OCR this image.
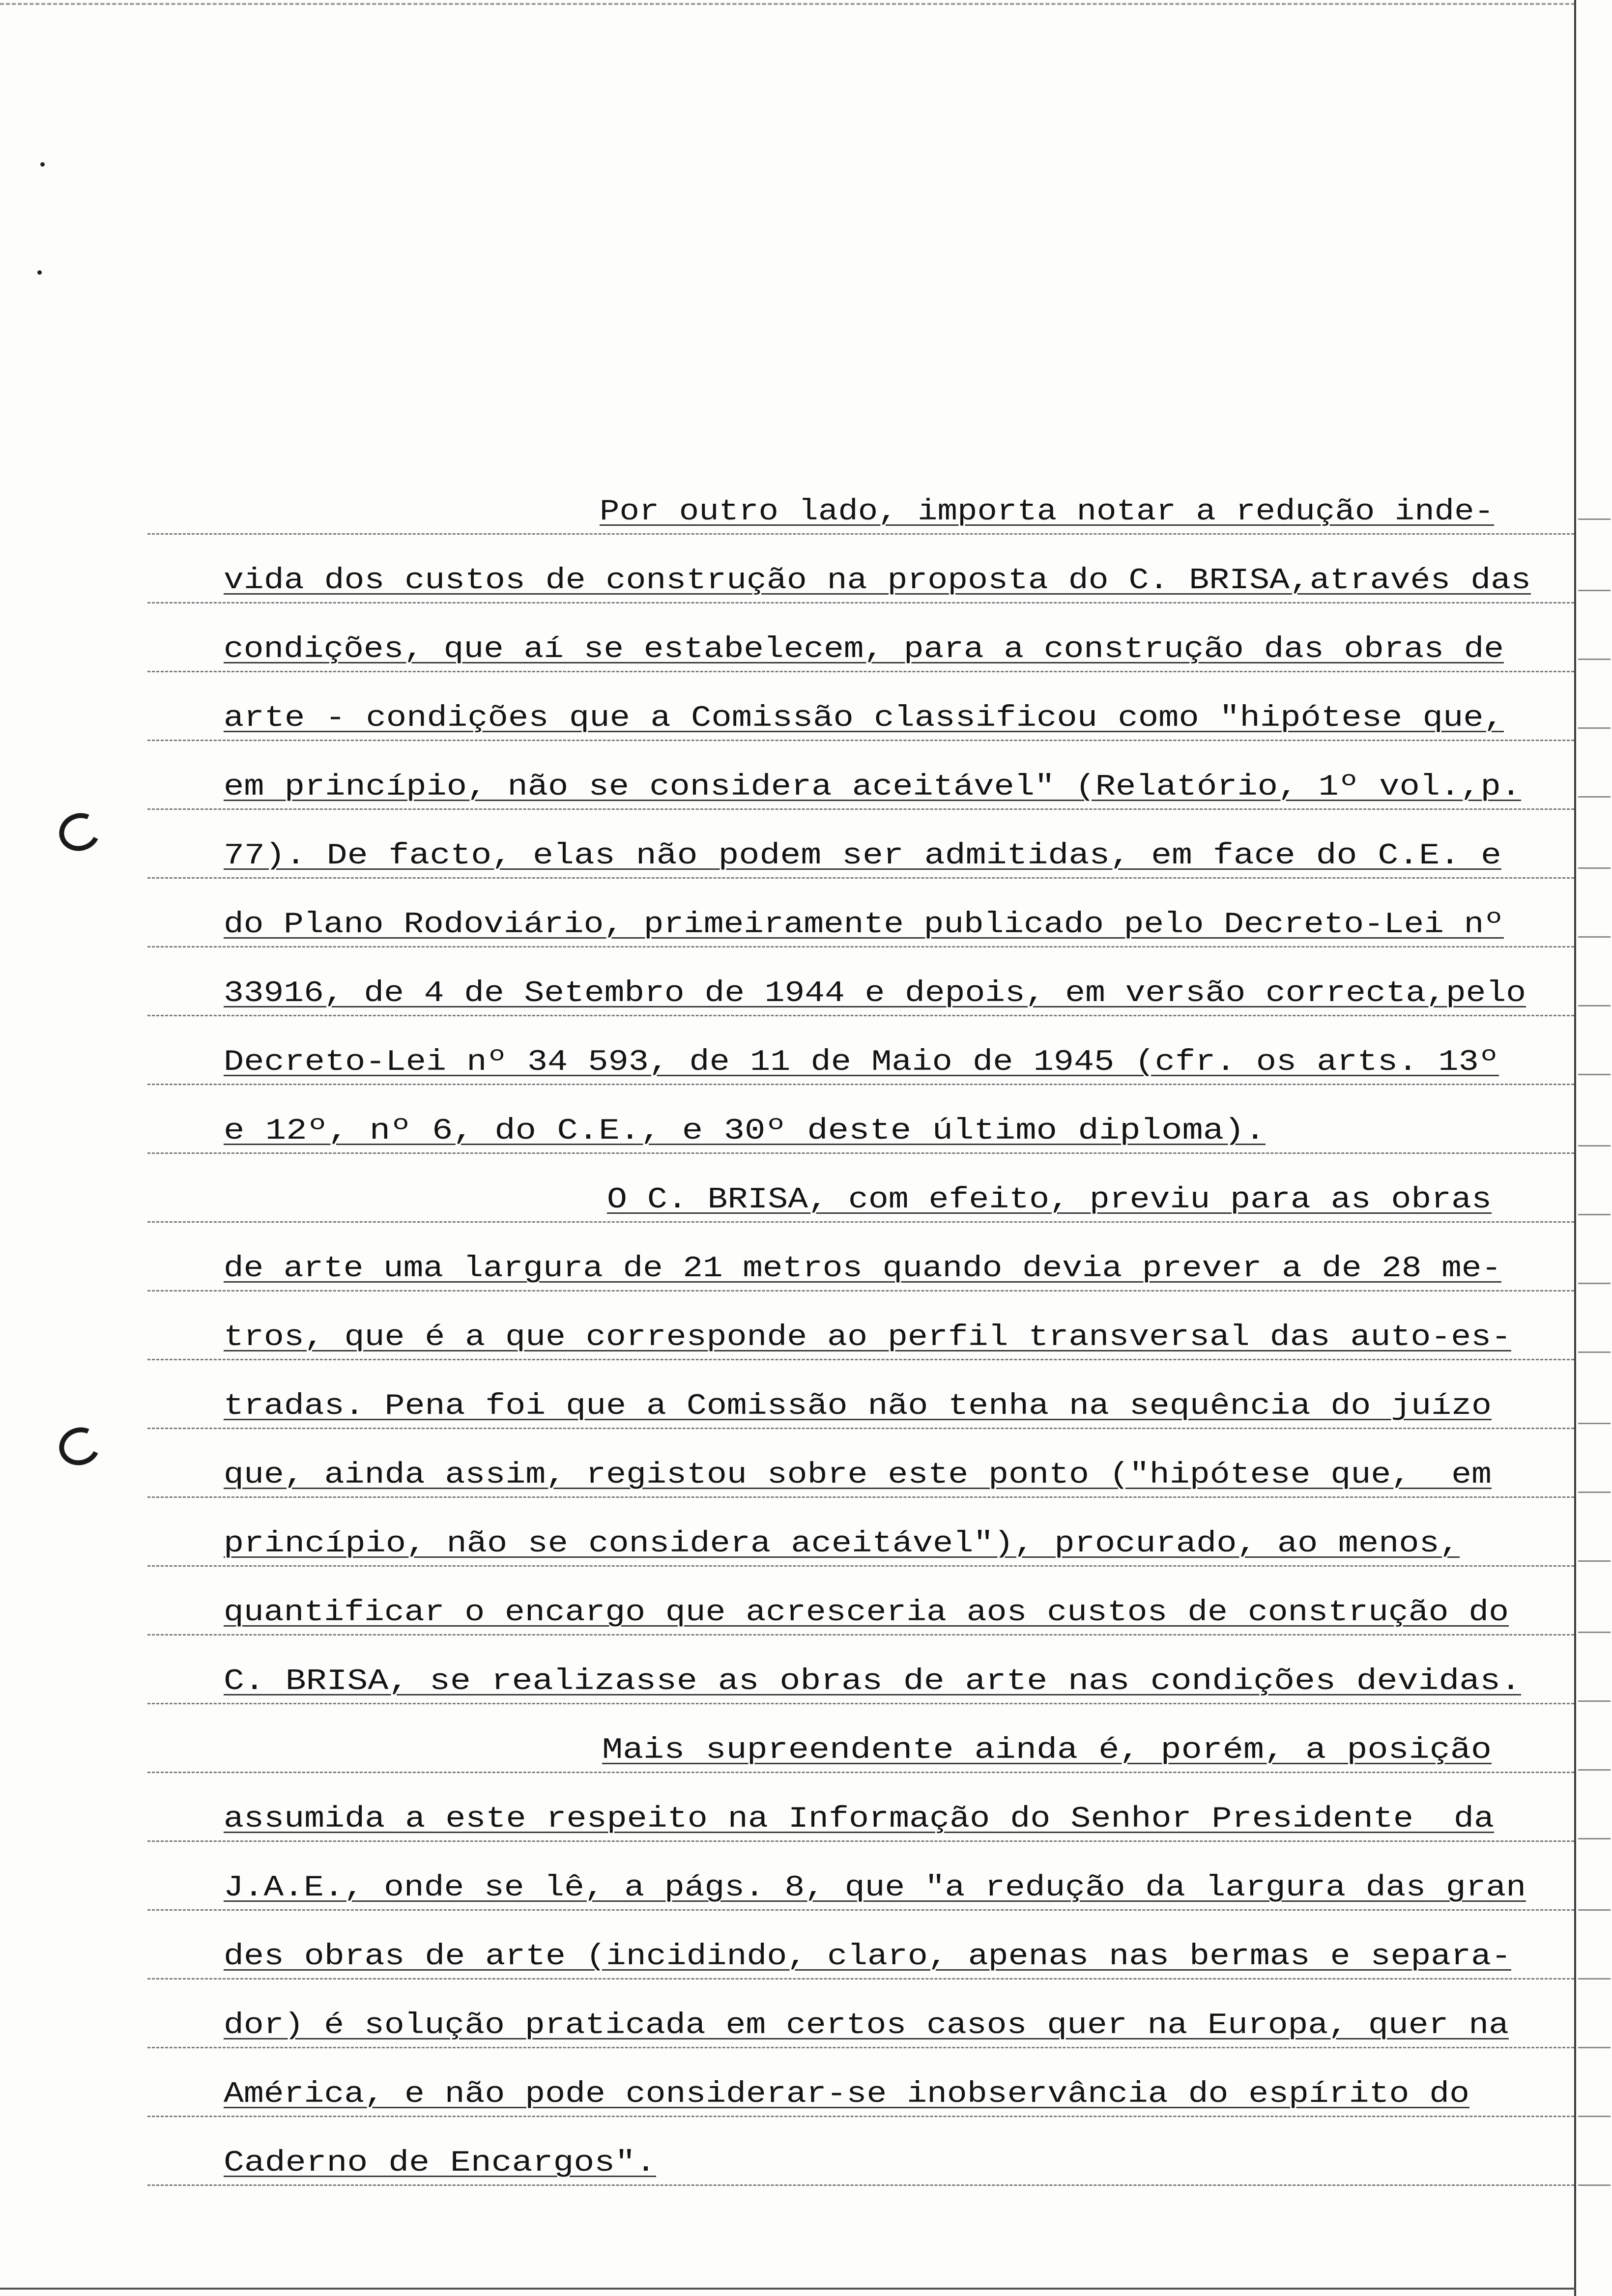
Por outro lado, importa notar a redução inde-
vida dos custos de construção na proposta do C. BRISA,através das
condições, que aí se estabelecem, para a construção das obras de
arte - condições que a Comissão classificou como "hipótese que,
em princípio, não se considera aceitável" (Relatório, 1º vol.,p.
77). De facto, elas não podem ser admitidas, em face do C.E. e
do Plano Rodoviário, primeiramente publicado pelo Decreto-Lei nº
33916, de 4 de Setembro de 1944 e depois, em versão correcta,pelo
Decreto-Lei nº 34 593, de 11 de Maio de 1945 (cfr. os arts. 13º
e 12º, nº 6, do C.E., e 30º deste último diploma).
O C. BRISA, com efeito, previu para as obras
de arte uma largura de 21 metros quando devia prever a de 28 me-
tros, que é a que corresponde ao perfil transversal das auto-es-
tradas. Pena foi que a Comissão não tenha na sequência do juízo
que, ainda assim, registou sobre este ponto ("hipótese que,  em
princípio, não se considera aceitável"), procurado, ao menos,
quantificar o encargo que acresceria aos custos de construção do
C. BRISA, se realizasse as obras de arte nas condições devidas.
Mais supreendente ainda é, porém, a posição
assumida a este respeito na Informação do Senhor Presidente  da
J.A.E., onde se lê, a págs. 8, que "a redução da largura das gran
des obras de arte (incidindo, claro, apenas nas bermas e separa-
dor) é solução praticada em certos casos quer na Europa, quer na
América, e não pode considerar-se inobservância do espírito do
Caderno de Encargos".
